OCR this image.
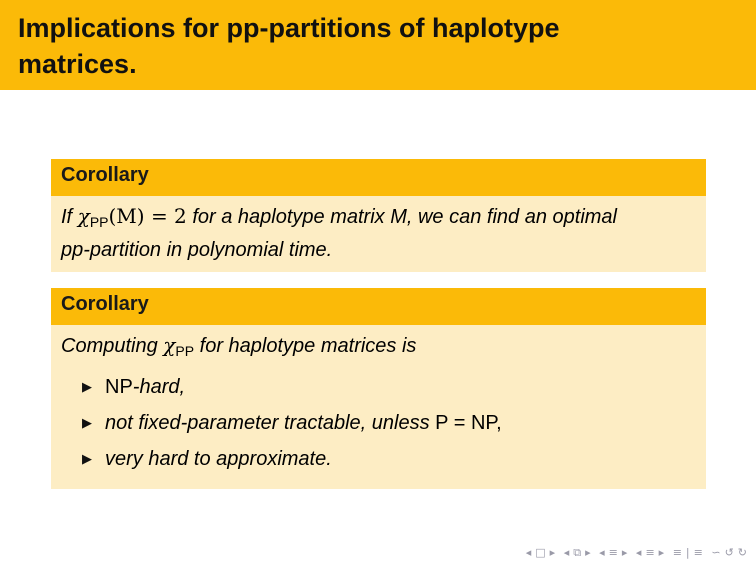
Implications for pp-partitions of haplotype
matrices.
Corollary
If $\chi_{PP}(M) = 2$ for a haplotype matrix M, we can find an optimal
pp-partition in polynomial time.
Corollary
Computing $\chi_{PP}$ for haplotype matrices is
▶ NP-hard,
▶ not fixed-parameter tractable, unless P = NP,
▶ very hard to approximate.
◂ □ ▸ ◂ ⧉ ▸ ◂ ≡ ▸ ◂ ≡ ▸ ≡ | ≡ ∽ ↺ ↻
